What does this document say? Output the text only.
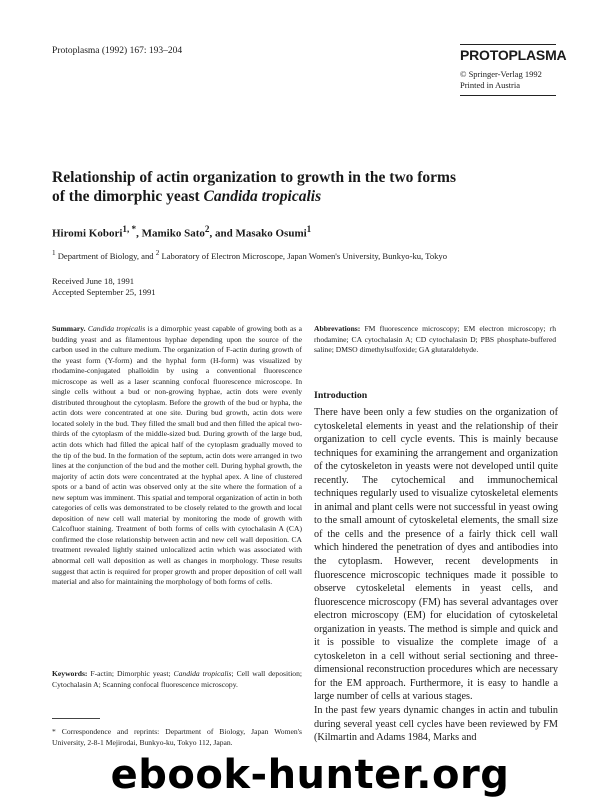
Protoplasma (1992) 167: 193–204	PROTOPLASMA
© Springer-Verlag 1992
Printed in Austria
Relationship of actin organization to growth in the two forms
of the dimorphic yeast Candida tropicalis
Hiromi Kobori$^{1, *}$, Mamiko Sato$^2$, and Masako Osumi$^1$
$^1$ Department of Biology, and $^2$ Laboratory of Electron Microscope, Japan Women's University, Bunkyo-ku, Tokyo
Received June 18, 1991
Accepted September 25, 1991
Summary. Candida tropicalis is a dimorphic yeast capable of growing both as a budding yeast and as filamentous hyphae depending upon the source of the carbon used in the culture medium. The organization of F-actin during growth of the yeast form (Y-form) and the hyphal form (H-form) was visualized by rhodamine-conjugated phalloidin by using a conventional fluorescence microscope as well as a laser scanning confocal fluorescence microscope. In single cells without a bud or non-growing hyphae, actin dots were evenly distributed throughout the cytoplasm. Before the growth of the bud or hypha, the actin dots were concentrated at one site. During bud growth, actin dots were located solely in the bud. They filled the small bud and then filled the apical two-thirds of the cytoplasm of the middle-sized bud. During growth of the large bud, actin dots which had filled the apical half of the cytoplasm gradually moved to the tip of the bud. In the formation of the septum, actin dots were arranged in two lines at the conjunction of the bud and the mother cell. During hyphal growth, the majority of actin dots were concentrated at the hyphal apex. A line of clustered spots or a band of actin was observed only at the site where the formation of a new septum was imminent. This spatial and temporal organization of actin in both categories of cells was demonstrated to be closely related to the growth and local deposition of new cell wall material by monitoring the mode of growth with Calcofluor staining. Treatment of both forms of cells with cytochalasin A (CA) confirmed the close relationship between actin and new cell wall deposition. CA treatment revealed lightly stained unlocalized actin which was associated with abnormal cell wall deposition as well as changes in morphology. These results suggest that actin is required for proper growth and proper deposition of cell wall material and also for maintaining the morphology of both forms of cells.
Keywords: F-actin; Dimorphic yeast; Candida tropicalis; Cell wall deposition; Cytochalasin A; Scanning confocal fluorescence microscopy.
* Correspondence and reprints: Department of Biology, Japan Women's University, 2-8-1 Mejirodai, Bunkyo-ku, Tokyo 112, Japan.
Abbrevations: FM fluorescence microscopy; EM electron microscopy; rh rhodamine; CA cytochalasin A; CD cytochalasin D; PBS phosphate-buffered saline; DMSO dimethylsulfoxide; GA glutaraldehyde.
Introduction

There have been only a few studies on the organization of cytoskeletal elements in yeast and the relationship of their organization to cell cycle events. This is mainly because techniques for examining the arrangement and organization of the cytoskeleton in yeasts were not developed until quite recently. The cytochemical and immunochemical techniques regularly used to visualize cytoskeletal elements in animal and plant cells were not successful in yeast owing to the small amount of cytoskeletal elements, the small size of the cells and the presence of a fairly thick cell wall which hindered the penetration of dyes and antibodies into the cytoplasm. However, recent developments in fluorescence microscopic techniques made it possible to observe cytoskeletal elements in yeast cells, and fluorescence microscopy (FM) has several advantages over electron microscopy (EM) for elucidation of cytoskeletal organization in yeasts. The method is simple and quick and it is possible to visualize the complete image of a cytoskeleton in a cell without serial sectioning and three-dimensional reconstruction procedures which are necessary for the EM approach. Furthermore, it is easy to handle a large number of cells at various stages.

In the past few years dynamic changes in actin and tubulin during several yeast cell cycles have been reviewed by FM (Kilmartin and Adams 1984, Marks and

ebook-hunter.org
